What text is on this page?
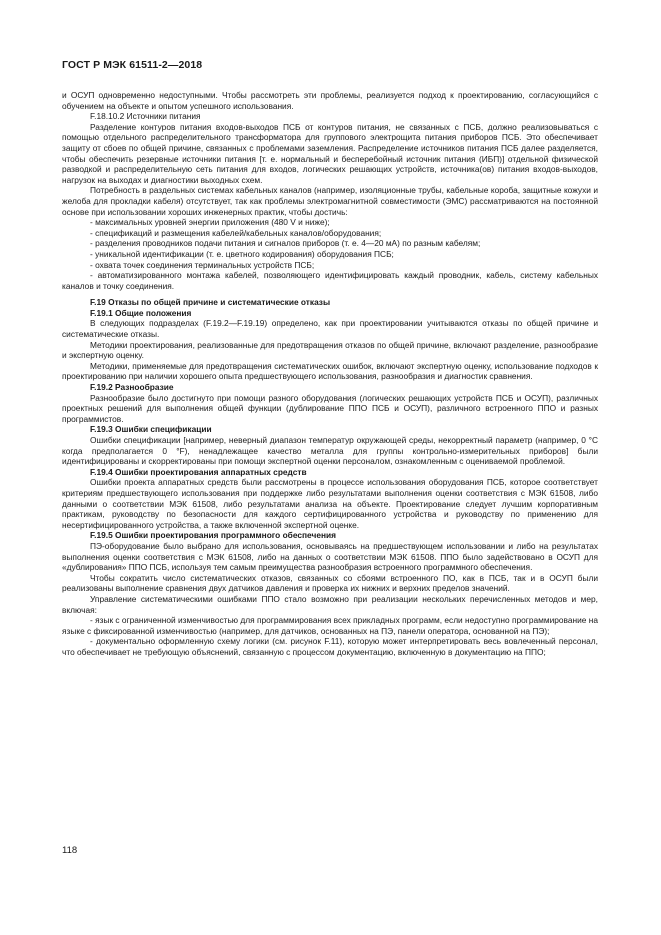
ГОСТ Р МЭК 61511-2—2018

и ОСУП одновременно недоступными. Чтобы рассмотреть эти проблемы, реализуется подход к проектированию, согласующийся с обучением на объекте и опытом успешного использования.

F.18.10.2 Источники питания

Разделение контуров питания входов-выходов ПСБ от контуров питания, не связанных с ПСБ, должно реализовываться с помощью отдельного распределительного трансформатора для группового электрощита питания приборов ПСБ. Это обеспечивает защиту от сбоев по общей причине, связанных с проблемами заземления. Распределение источников питания ПСБ далее разделяется, чтобы обеспечить резервные источники питания [т. е. нормальный и бесперебойный источник питания (ИБП)] отдельной физической разводкой и распределительную сеть питания для входов, логических решающих устройств, источника(ов) питания входов-выходов, нагрузок на выходах и диагностики выходных схем.

Потребность в раздельных системах кабельных каналов (например, изоляционные трубы, кабельные короба, защитные кожухи и желоба для прокладки кабеля) отсутствует, так как проблемы электромагнитной совместимости (ЭМС) рассматриваются на постоянной основе при использовании хороших инженерных практик, чтобы достичь:

- максимальных уровней энергии приложения (480 V и ниже);

- спецификаций и размещения кабелей/кабельных каналов/оборудования;

- разделения проводников подачи питания и сигналов приборов (т. е. 4—20 мА) по разным кабелям;

- уникальной идентификации (т. е. цветного кодирования) оборудования ПСБ;

- охвата точек соединения терминальных устройств ПСБ;

- автоматизированного монтажа кабелей, позволяющего идентифицировать каждый проводник, кабель, систему кабельных каналов и точку соединения.

F.19 Отказы по общей причине и систематические отказы

F.19.1 Общие положения

В следующих подразделах (F.19.2—F.19.19) определено, как при проектировании учитываются отказы по общей причине и систематические отказы.

Методики проектирования, реализованные для предотвращения отказов по общей причине, включают разделение, разнообразие и экспертную оценку.

Методики, применяемые для предотвращения систематических ошибок, включают экспертную оценку, использование подходов к проектированию при наличии хорошего опыта предшествующего использования, разнообразия и диагностик сравнения.

F.19.2 Разнообразие

Разнообразие было достигнуто при помощи разного оборудования (логических решающих устройств ПСБ и ОСУП), различных проектных решений для выполнения общей функции (дублирование ППО ПСБ и ОСУП), различного встроенного ППО и разных программистов.

F.19.3 Ошибки спецификации

Ошибки спецификации [например, неверный диапазон температур окружающей среды, некорректный параметр (например, 0 °С когда предполагается 0 °F), ненадлежащее качество металла для группы контрольно-измерительных приборов] были идентифицированы и скорректированы при помощи экспертной оценки персоналом, ознакомленным с оцениваемой проблемой.

F.19.4 Ошибки проектирования аппаратных средств

Ошибки проекта аппаратных средств были рассмотрены в процессе использования оборудования ПСБ, которое соответствует критериям предшествующего использования при поддержке либо результатами выполнения оценки соответствия с МЭК 61508, либо данными о соответствии МЭК 61508, либо результатами анализа на объекте. Проектирование следует лучшим корпоративным практикам, руководству по безопасности для каждого сертифицированного устройства и руководству по применению для несертифицированного устройства, а также включенной экспертной оценке.

F.19.5 Ошибки проектирования программного обеспечения

ПЭ-оборудование было выбрано для использования, основываясь на предшествующем использовании и либо на результатах выполнения оценки соответствия с МЭК 61508, либо на данных о соответствии МЭК 61508. ППО было задействовано в ОСУП для «дублирования» ППО ПСБ, используя тем самым преимущества разнообразия встроенного программного обеспечения.

Чтобы сократить число систематических отказов, связанных со сбоями встроенного ПО, как в ПСБ, так и в ОСУП были реализованы выполнение сравнения двух датчиков давления и проверка их нижних и верхних пределов значений.

Управление систематическими ошибками ППО стало возможно при реализации нескольких перечисленных методов и мер, включая:

- язык с ограниченной изменчивостью для программирования всех прикладных программ, если недоступно программирование на языке с фиксированной изменчивостью (например, для датчиков, основанных на ПЭ, панели оператора, основанной на ПЭ);

- документально оформленную схему логики (см. рисунок F.11), которую может интерпретировать весь вовлеченный персонал, что обеспечивает не требующую объяснений, связанную с процессом документацию, включенную в документацию на ППО;

118
